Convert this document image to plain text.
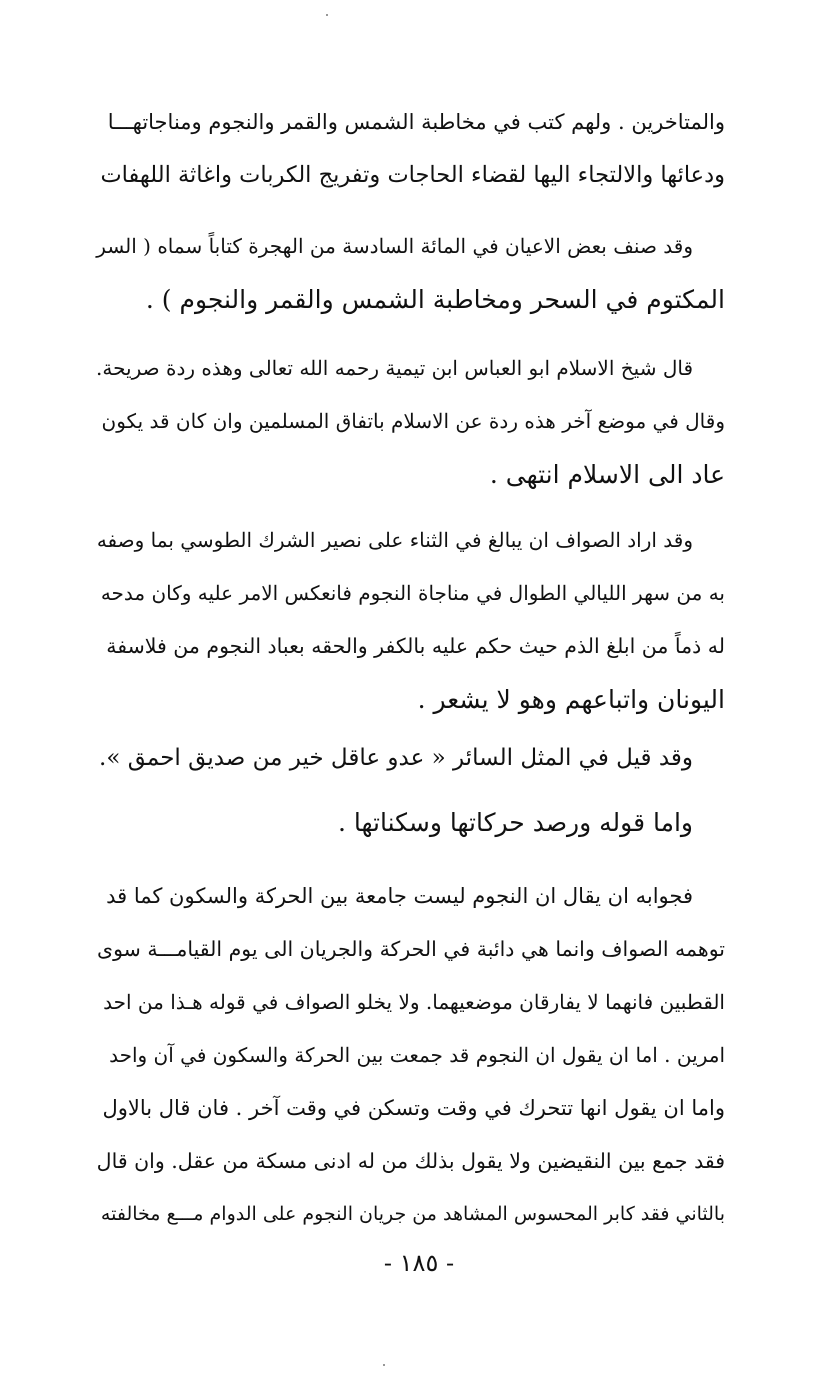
والمتاخرين . ولهم كتب في مخاطبة الشمس والقمر والنجوم ومناجاتهـــا
ودعائها والالتجاء اليها لقضاء الحاجات وتفريج الكربات واغاثة اللهفات
وقد صنف بعض الاعيان في المائة السادسة من الهجرة كتاباً سماه ( السر
المكتوم في السحر ومخاطبة الشمس والقمر والنجوم ) .
قال شيخ الاسلام ابو العباس ابن تيمية رحمه الله تعالى وهذه ردة صريحة.
وقال في موضع آخر هذه ردة عن الاسلام باتفاق المسلمين وان كان قد يكون
عاد الى الاسلام انتهى .
وقد اراد الصواف ان يبالغ في الثناء على نصير الشرك الطوسي بما وصفه
به من سهر الليالي الطوال في مناجاة النجوم فانعكس الامر عليه وكان مدحه
له ذماً من ابلغ الذم حيث حكم عليه بالكفر والحقه بعباد النجوم من فلاسفة
اليونان واتباعهم وهو لا يشعر .
وقد قيل في المثل السائر « عدو عاقل خير من صديق احمق ».
واما قوله ورصد حركاتها وسكناتها .
فجوابه ان يقال ان النجوم ليست جامعة بين الحركة والسكون كما قد
توهمه الصواف وانما هي دائبة في الحركة والجريان الى يوم القيامـــة سوى
القطبين فانهما لا يفارقان موضعيهما. ولا يخلو الصواف في قوله هـذا من احد
امرين . اما ان يقول ان النجوم قد جمعت بين الحركة والسكون في آن واحد
واما ان يقول انها تتحرك في وقت وتسكن في وقت آخر . فان قال بالاول
فقد جمع بين النقيضين ولا يقول بذلك من له ادنى مسكة من عقل. وان قال
بالثاني فقد كابر المحسوس المشاهد من جريان النجوم على الدوام مـــع مخالفته
- ١٨٥ -
